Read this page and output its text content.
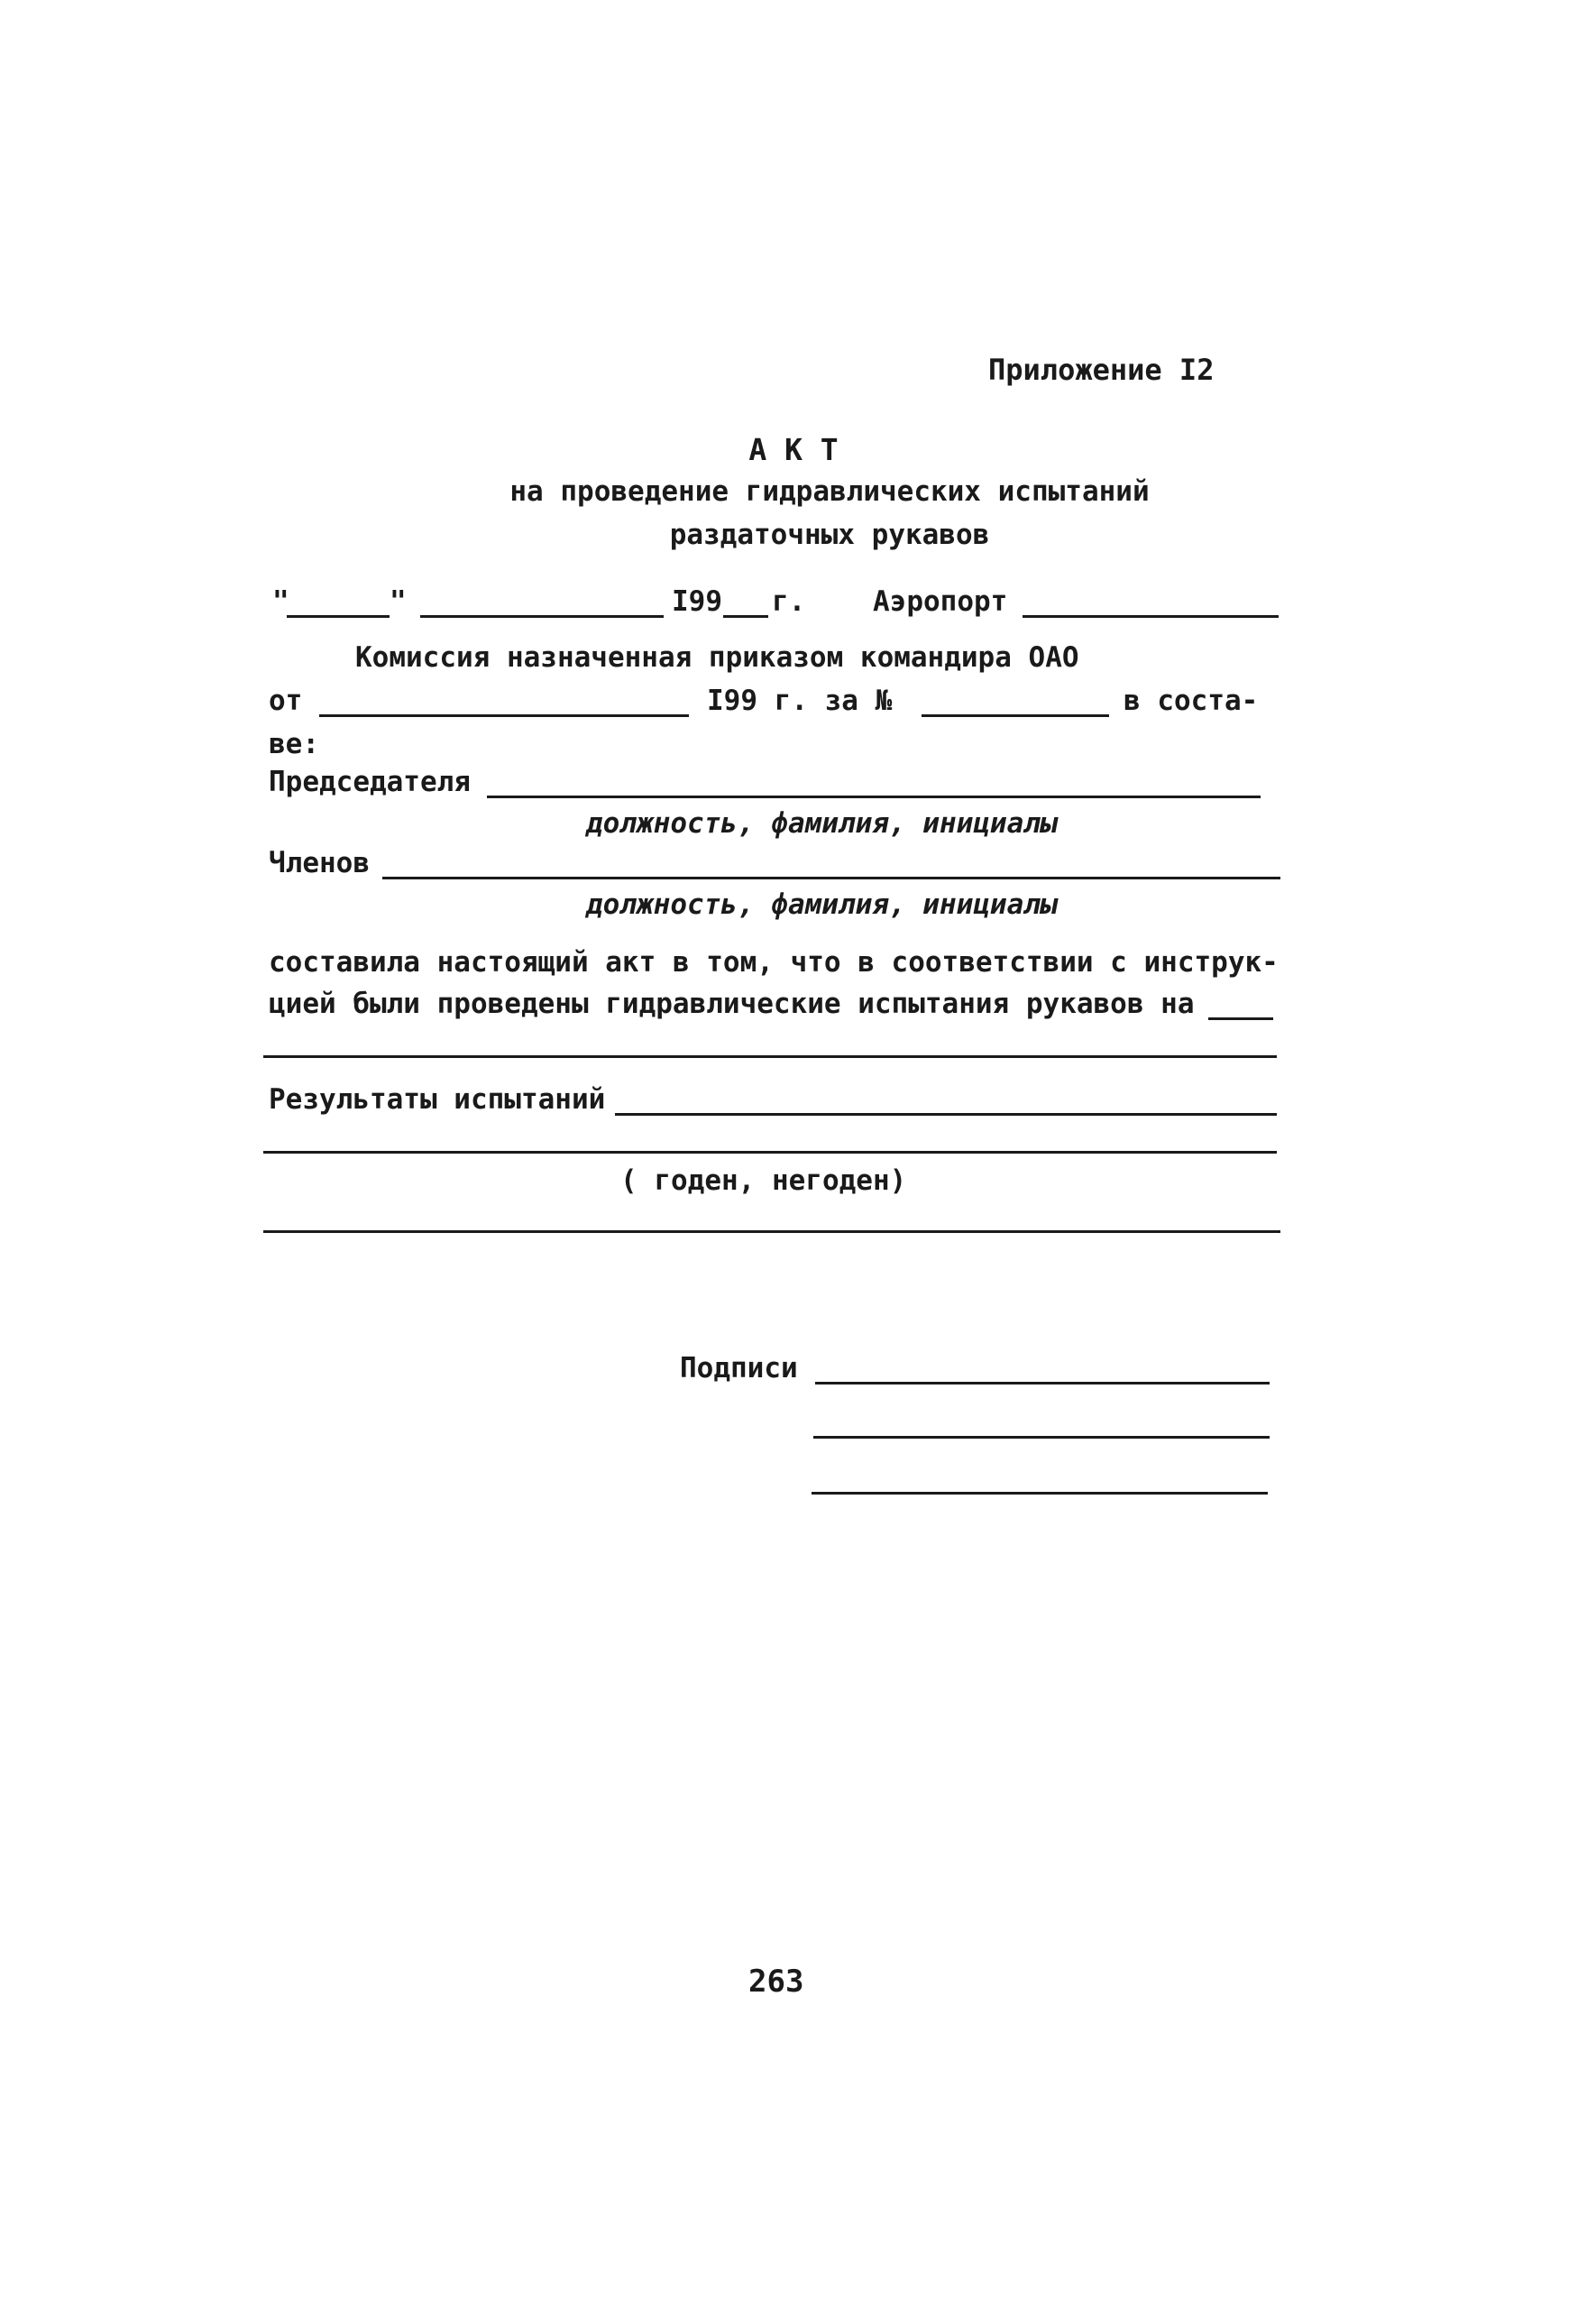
Приложение I2
А К Т
на проведение гидравлических испытаний
раздаточных рукавов
"	"	I99 г. Аэропорт
Комиссия назначенная приказом командира ОАО
от	I99 г. за №	в соста-
ве:
Председателя
должность, фамилия, инициалы
Членов
должность, фамилия, инициалы
составила настоящий акт в том, что в соответствии с инструк-
цией были проведены гидравлические испытания рукавов на
Результаты испытаний
( годен, негоден)
Подписи
263
